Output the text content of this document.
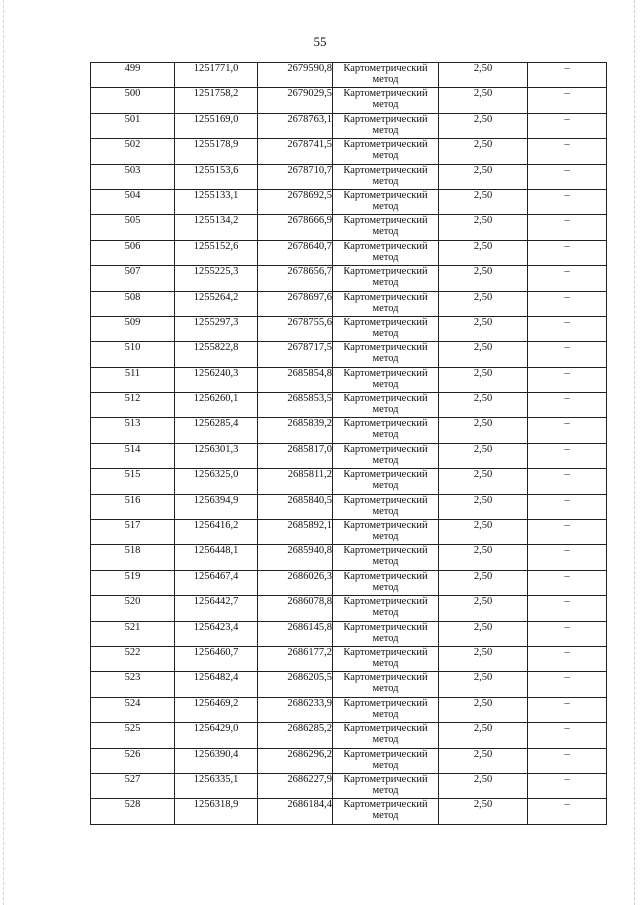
55
499	1251771,0	2679590,8	Картометрический метод	2,50	–
500	1251758,2	2679029,5	Картометрический метод	2,50	–
501	1255169,0	2678763,1	Картометрический метод	2,50	–
502	1255178,9	2678741,5	Картометрический метод	2,50	–
503	1255153,6	2678710,7	Картометрический метод	2,50	–
504	1255133,1	2678692,5	Картометрический метод	2,50	–
505	1255134,2	2678666,9	Картометрический метод	2,50	–
506	1255152,6	2678640,7	Картометрический метод	2,50	–
507	1255225,3	2678656,7	Картометрический метод	2,50	–
508	1255264,2	2678697,6	Картометрический метод	2,50	–
509	1255297,3	2678755,6	Картометрический метод	2,50	–
510	1255822,8	2678717,5	Картометрический метод	2,50	–
511	1256240,3	2685854,8	Картометрический метод	2,50	–
512	1256260,1	2685853,5	Картометрический метод	2,50	–
513	1256285,4	2685839,2	Картометрический метод	2,50	–
514	1256301,3	2685817,0	Картометрический метод	2,50	–
515	1256325,0	2685811,2	Картометрический метод	2,50	–
516	1256394,9	2685840,5	Картометрический метод	2,50	–
517	1256416,2	2685892,1	Картометрический метод	2,50	–
518	1256448,1	2685940,8	Картометрический метод	2,50	–
519	1256467,4	2686026,3	Картометрический метод	2,50	–
520	1256442,7	2686078,8	Картометрический метод	2,50	–
521	1256423,4	2686145,8	Картометрический метод	2,50	–
522	1256460,7	2686177,2	Картометрический метод	2,50	–
523	1256482,4	2686205,5	Картометрический метод	2,50	–
524	1256469,2	2686233,9	Картометрический метод	2,50	–
525	1256429,0	2686285,2	Картометрический метод	2,50	–
526	1256390,4	2686296,2	Картометрический метод	2,50	–
527	1256335,1	2686227,9	Картометрический метод	2,50	–
528	1256318,9	2686184,4	Картометрический метод	2,50	–
